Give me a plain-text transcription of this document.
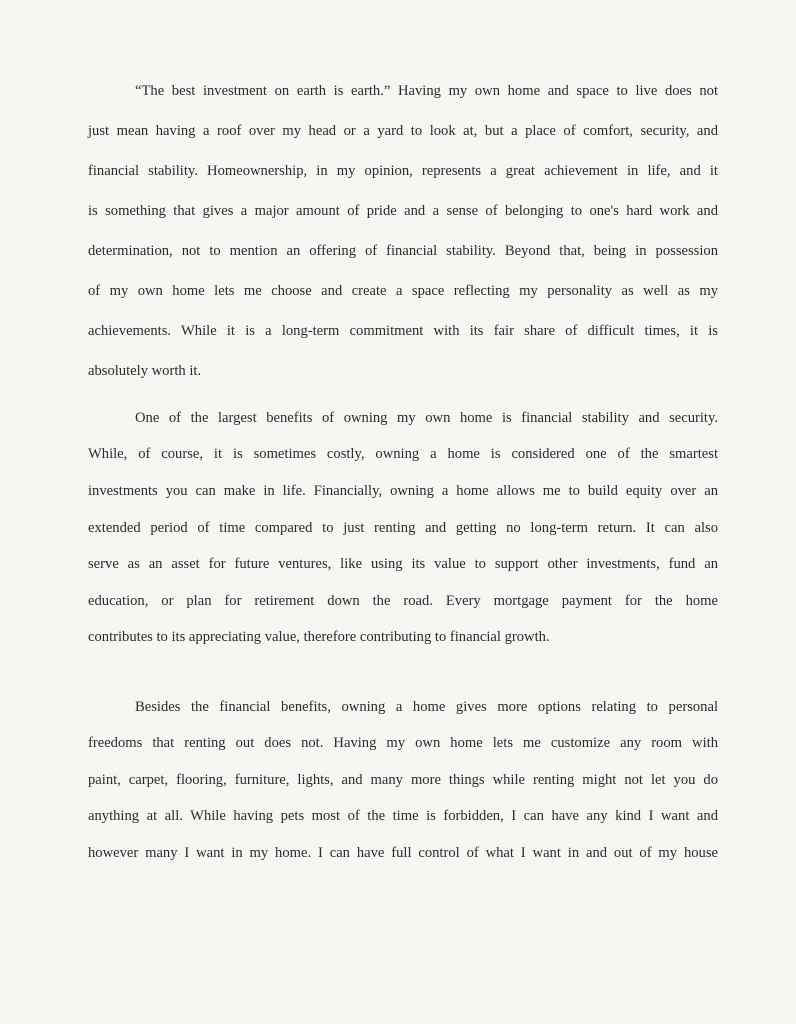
“The best investment on earth is earth.” Having my own home and space to live does not
just mean having a roof over my head or a yard to look at, but a place of comfort, security, and
financial stability. Homeownership, in my opinion, represents a great achievement in life, and it
is something that gives a major amount of pride and a sense of belonging to one's hard work and
determination, not to mention an offering of financial stability. Beyond that, being in possession
of my own home lets me choose and create a space reflecting my personality as well as my
achievements. While it is a long-term commitment with its fair share of difficult times, it is
absolutely worth it.
One of the largest benefits of owning my own home is financial stability and security.
While, of course, it is sometimes costly, owning a home is considered one of the smartest
investments you can make in life. Financially, owning a home allows me to build equity over an
extended period of time compared to just renting and getting no long-term return. It can also
serve as an asset for future ventures, like using its value to support other investments, fund an
education, or plan for retirement down the road. Every mortgage payment for the home
contributes to its appreciating value, therefore contributing to financial growth.
Besides the financial benefits, owning a home gives more options relating to personal
freedoms that renting out does not. Having my own home lets me customize any room with
paint, carpet, flooring, furniture, lights, and many more things while renting might not let you do
anything at all. While having pets most of the time is forbidden, I can have any kind I want and
however many I want in my home. I can have full control of what I want in and out of my house
